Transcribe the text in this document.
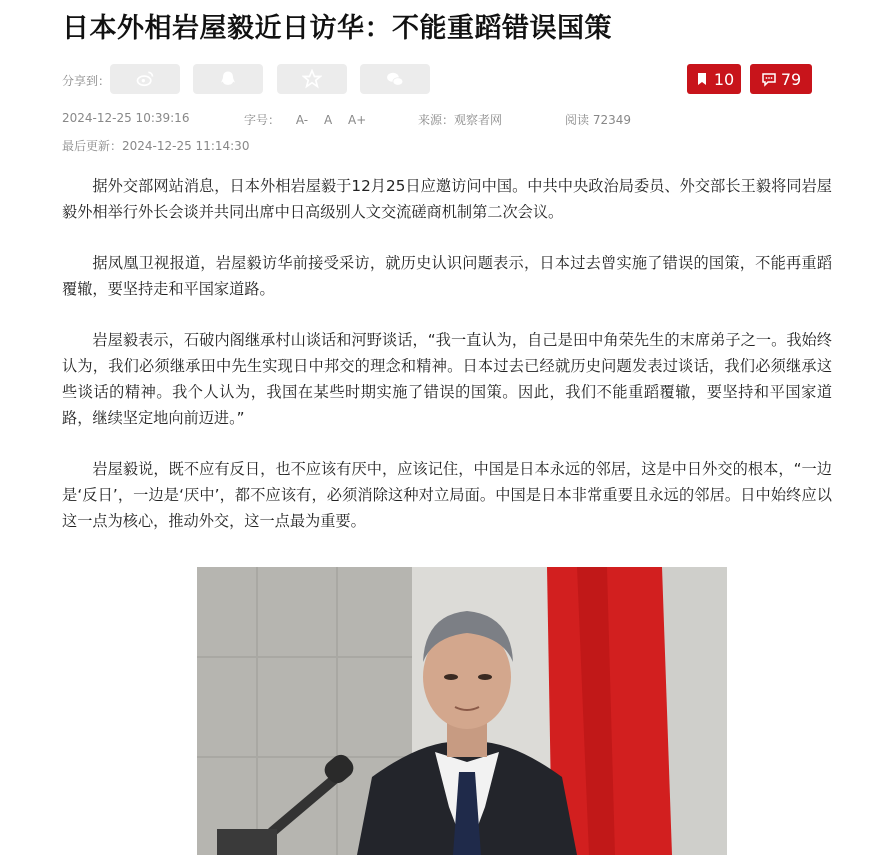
日本外相岩屋毅近日访华：不能重蹈错误国策
分享到：	10	79
2024-12-25 10:39:16	字号： A- A A+	来源：观察者网	阅读 72349
最后更新：2024-12-25 11:14:30

据外交部网站消息，日本外相岩屋毅于12月25日应邀访问中国。中共中央政治局委员、外交部长王毅将同岩屋毅外相举行外长会谈并共同出席中日高级别人文交流磋商机制第二次会议。

据凤凰卫视报道，岩屋毅访华前接受采访，就历史认识问题表示，日本过去曾实施了错误的国策，不能再重蹈覆辙，要坚持走和平国家道路。

岩屋毅表示，石破内阁继承村山谈话和河野谈话，“我一直认为，自己是田中角荣先生的末席弟子之一。我始终认为，我们必须继承田中先生实现日中邦交的理念和精神。日本过去已经就历史问题发表过谈话，我们必须继承这些谈话的精神。我个人认为，我国在某些时期实施了错误的国策。因此，我们不能重蹈覆辙，要坚持和平国家道路，继续坚定地向前迈进。”

岩屋毅说，既不应有反日，也不应该有厌中，应该记住，中国是日本永远的邻居，这是中日外交的根本，“一边是‘反日’，一边是‘厌中’，都不应该有，必须消除这种对立局面。中国是日本非常重要且永远的邻居。日中始终应以这一点为核心，推动外交，这一点最为重要。
